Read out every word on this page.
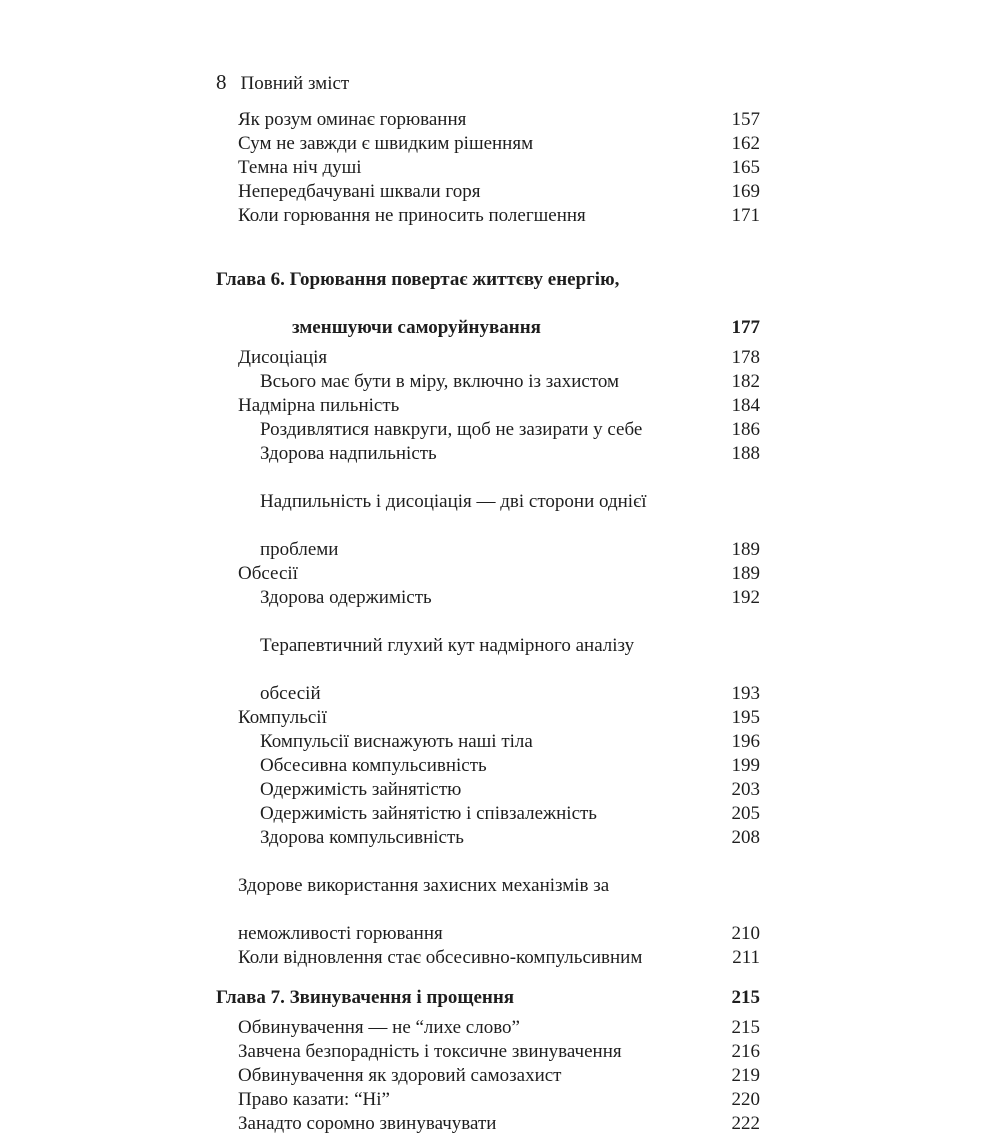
8 Повний зміст
Як розум оминає горювання	157
Сум не завжди є швидким рішенням	162
Темна ніч душі	165
Непередбачувані шквали горя	169
Коли горювання не приносить полегшення	171

Глава 6. Горювання повертає життєву енергію,

зменшуючи саморуйнування	177
Дисоціація	178
Всього має бути в міру, включно із захистом	182
Надмірна пильність	184
Роздивлятися навкруги, щоб не зазирати у себе	186
Здорова надпильність	188

Надпильність і дисоціація — дві сторони однієї

проблеми	189
Обсесії	189
Здорова одержимість	192

Терапевтичний глухий кут надмірного аналізу

обсесій	193
Компульсії	195
Компульсії виснажують наші тіла	196
Обсесивна компульсивність	199
Одержимість зайнятістю	203
Одержимість зайнятістю і співзалежність	205
Здорова компульсивність	208

Здорове використання захисних механізмів за

неможливості горювання	210
Коли відновлення стає обсесивно-компульсивним	211
Глава 7. Звинувачення і прощення	215
Обвинувачення — не “лихе слово”	215
Завчена безпорадність і токсичне звинувачення	216
Обвинувачення як здоровий самозахист	219
Право казати: “Ні”	220
Занадто соромно звинувачувати	222
